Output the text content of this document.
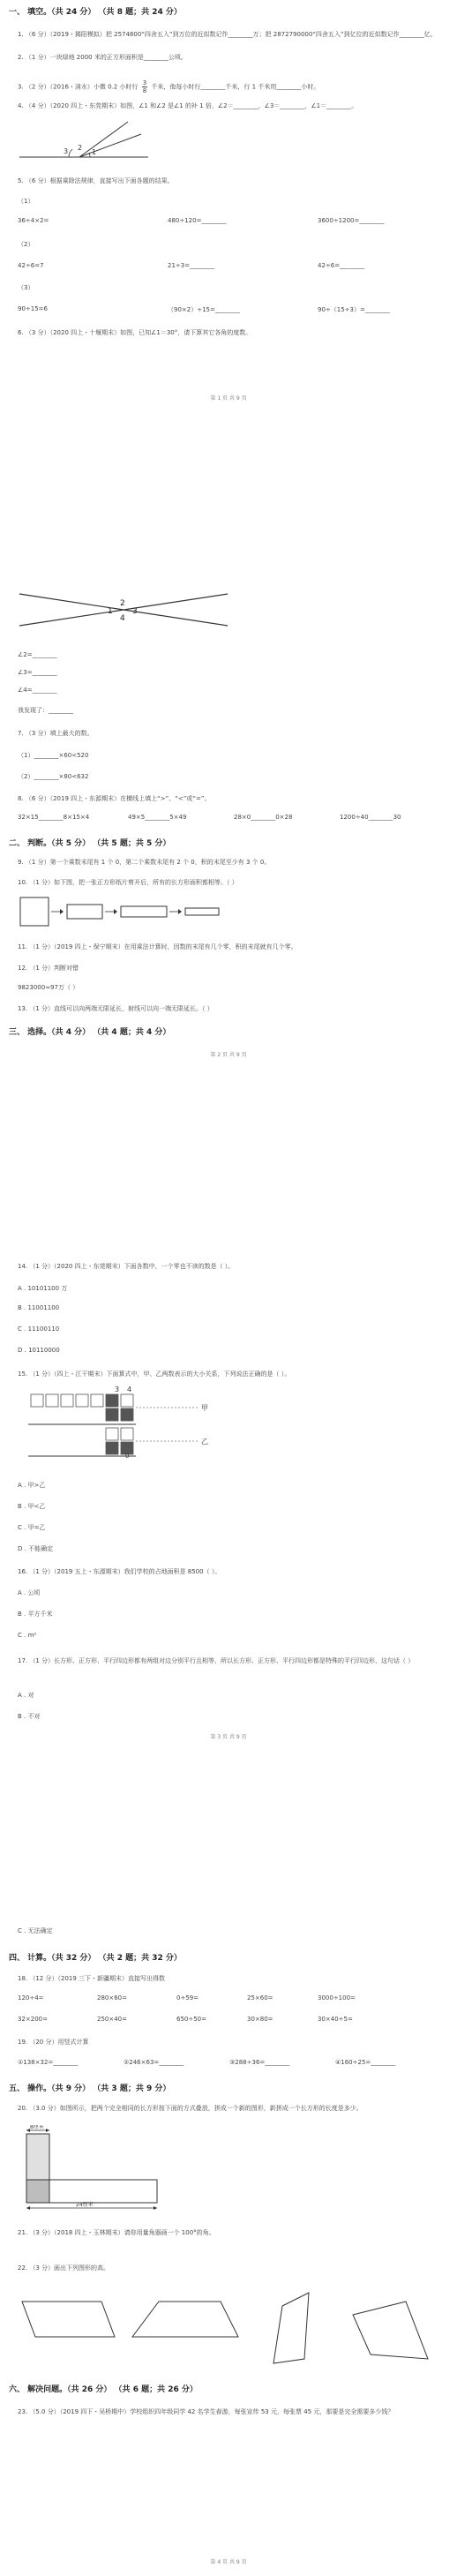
一、 填空。（共 24 分） （共 8 题；共 24 分）
1. （6 分）（2019・揭阳模拟）把 2574800“四舍五入”到万位的近似数记作________万；把 2872790000“四舍五入”到亿位的近似数记作________亿。
2. （1 分）一块绿地 2000 米的正方形面积是________公顷。
3. （2 分）（2016・清水）小微 0.2 小时行 $\frac{3}{8}$ 千米，他每小时行________千米，行 1 千米用________小时。
4. （4 分）（2020 四上・东莞期末）如图，∠1 和∠2 是∠1 的补 1 倍，∠2＝________，∠3＝________，∠1＝________。
3 2
1
5. （6 分）根据乘除法规律，直接写出下面各题的结果。
（1）
36÷4×2=	480÷120=________	3600÷1200=________
（2）
42÷6=7	21÷3=________	42÷6=________
（3）
90÷15=6	（90×2）÷15=________	90÷（15÷3）=________
6. （3 分）（2020 四上・十堰期末）如图，已知∠1＝30°，请下算其它各角的度数。
第 1 页 共 9 页
1
2
3
4
∠2=________
∠3=________
∠4=________
我发现了：________
7. （3 分）填上最大的数。
（1）________×60<520
（2）________×80<632
8. （6 分）（2019 四上・东源期末）在横线上填上“>”、“<”或“=”。
32×15________8×15×4	49×5________5×49	28×0________0×28	1200÷40________30
二、 判断。（共 5 分） （共 5 题；共 5 分）
9. （1 分）第一个乘数末尾有 1 个 0，第二个乘数末尾有 2 个 0，积的末尾至少有 3 个 0。
10. （1 分）如下图，把一张正方形纸片剪开后，所有的长方形面积都相等。（ ）
11. （1 分）（2019 四上・保宁期末）在用乘法计算时，因数的末尾有几个零，积的末尾就有几个零。
12. （1 分）判断对错
9823000≈97万（ ）
13. （1 分）直线可以向两端无限延长，射线可以向一端无限延长。（ ）
三、 选择。（共 4 分） （共 4 题；共 4 分）
第 2 页 共 9 页
14. （1 分）（2020 四上・东莞期末）下面各数中，一个零也不读的数是（ ）。
A . 10101100 万
B . 11001100
C . 11100110
D . 10110000
15. （1 分）（四上・江干期末）下面算式中，甲、乙两数表示的大小关系，下列说法正确的是（ ）。
3 4
甲
乙
0
A . 甲>乙
B . 甲<乙
C . 甲=乙
D . 不能确定
16. （1 分）（2019 五上・东源期末）我们学校的占地面积是 8500（ ）。
A . 公顷
B . 平方千米
C . m²
17. （1 分）长方形、正方形、平行四边形都有两组对边分别平行且相等，所以长方形、正方形、平行四边形都是特殊的平行四边形，这句话（ ）
A . 对
B . 不对
第 3 页 共 9 页
C . 无法确定
四、 计算。（共 32 分） （共 2 题；共 32 分）
18. （12 分）（2019 三下・新疆期末）直接写出得数
120÷4=	280×60=	0÷59=	25×60=	3000÷100=
32×200=	250×40=	650÷50=	30×80=	30×40÷5=
19. （20 分）用竖式计算
①138×32=________	②246×63=________	③288÷36=________	④160÷25=________
五、 操作。（共 9 分） （共 3 题；共 9 分）
20. （3.0 分）如图所示，把两个完全相同的长方形按下面的方式叠放，拼成一个新的图形，新拼成一个长方形的长度是多少。
8厘米
24厘米
21. （3 分）（2018 四上・玉林期末）请你用量角器画一个 100°的角。
22. （3 分）画出下列图形的高。
六、 解决问题。（共 26 分） （共 6 题；共 26 分）
23. （5.0 分）（2019 四下・吴桥期中）学校组织四年级同学 42 名学生春游，每张宣传 53 元，每张票 45 元，那要是完全需要多少钱？
第 4 页 共 9 页
